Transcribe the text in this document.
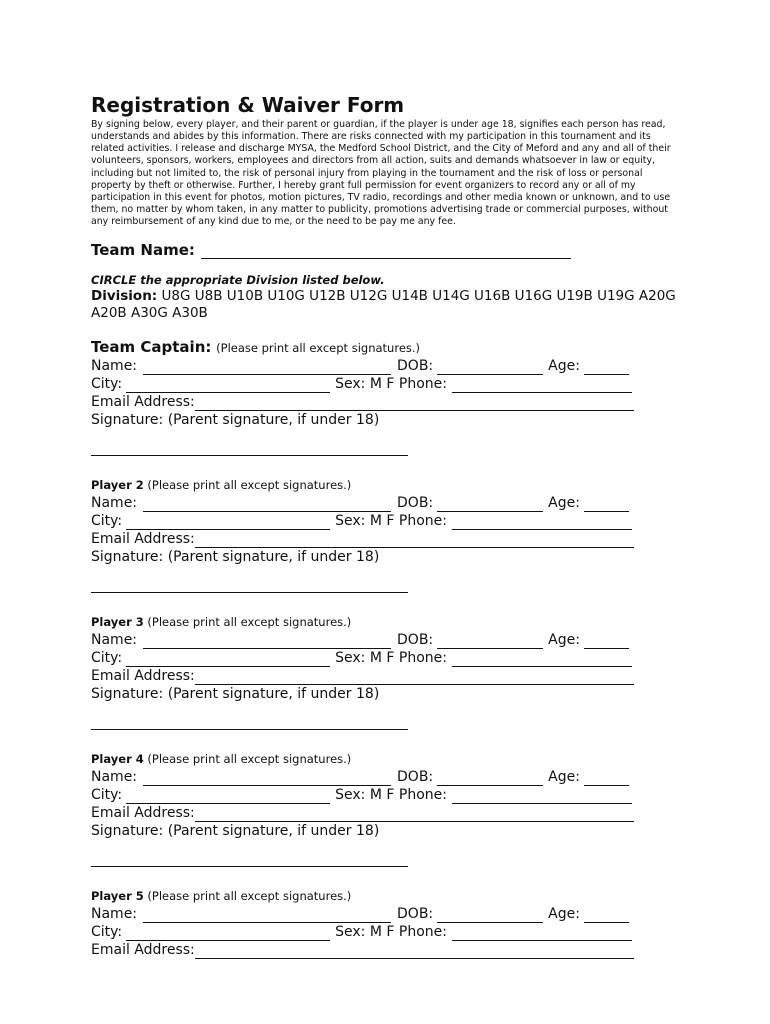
Registration & Waiver Form

By signing below, every player, and their parent or guardian, if the player is under age 18, signifies each person has read, understands and abides by this information. There are risks connected with my participation in this tournament and its related activities. I release and discharge MYSA, the Medford School District, and the City of Meford and any and all of their volunteers, sponsors, workers, employees and directors from all action, suits and demands whatsoever in law or equity, including but not limited to, the risk of personal injury from playing in the tournament and the risk of loss or personal property by theft or otherwise. Further, I hereby grant full permission for event organizers to record any or all of my participation in this event for photos, motion pictures, TV radio, recordings and other media known or unknown, and to use them, no matter by whom taken, in any matter to publicity, promotions advertising trade or commercial purposes, without any reimbursement of any kind due to me, or the need to be pay me any fee.

Team Name:
CIRCLE the appropriate Division listed below.
Division: U8G U8B U10B U10G U12B U12G U14B U14G U16B U16G U19B U19G A20G A20B A30G A30B
Team Captain: (Please print all except signatures.)
Name:	DOB:	Age:
City:	Sex: M F Phone:
Email Address:
Signature: (Parent signature, if under 18)
Player 2 (Please print all except signatures.)
Name:	DOB:	Age:
City:	Sex: M F Phone:
Email Address:
Signature: (Parent signature, if under 18)
Player 3 (Please print all except signatures.)
Name:	DOB:	Age:
City:	Sex: M F Phone:
Email Address:
Signature: (Parent signature, if under 18)
Player 4 (Please print all except signatures.)
Name:	DOB:	Age:
City:	Sex: M F Phone:
Email Address:
Signature: (Parent signature, if under 18)
Player 5 (Please print all except signatures.)
Name:	DOB:	Age:
City:	Sex: M F Phone:
Email Address:
